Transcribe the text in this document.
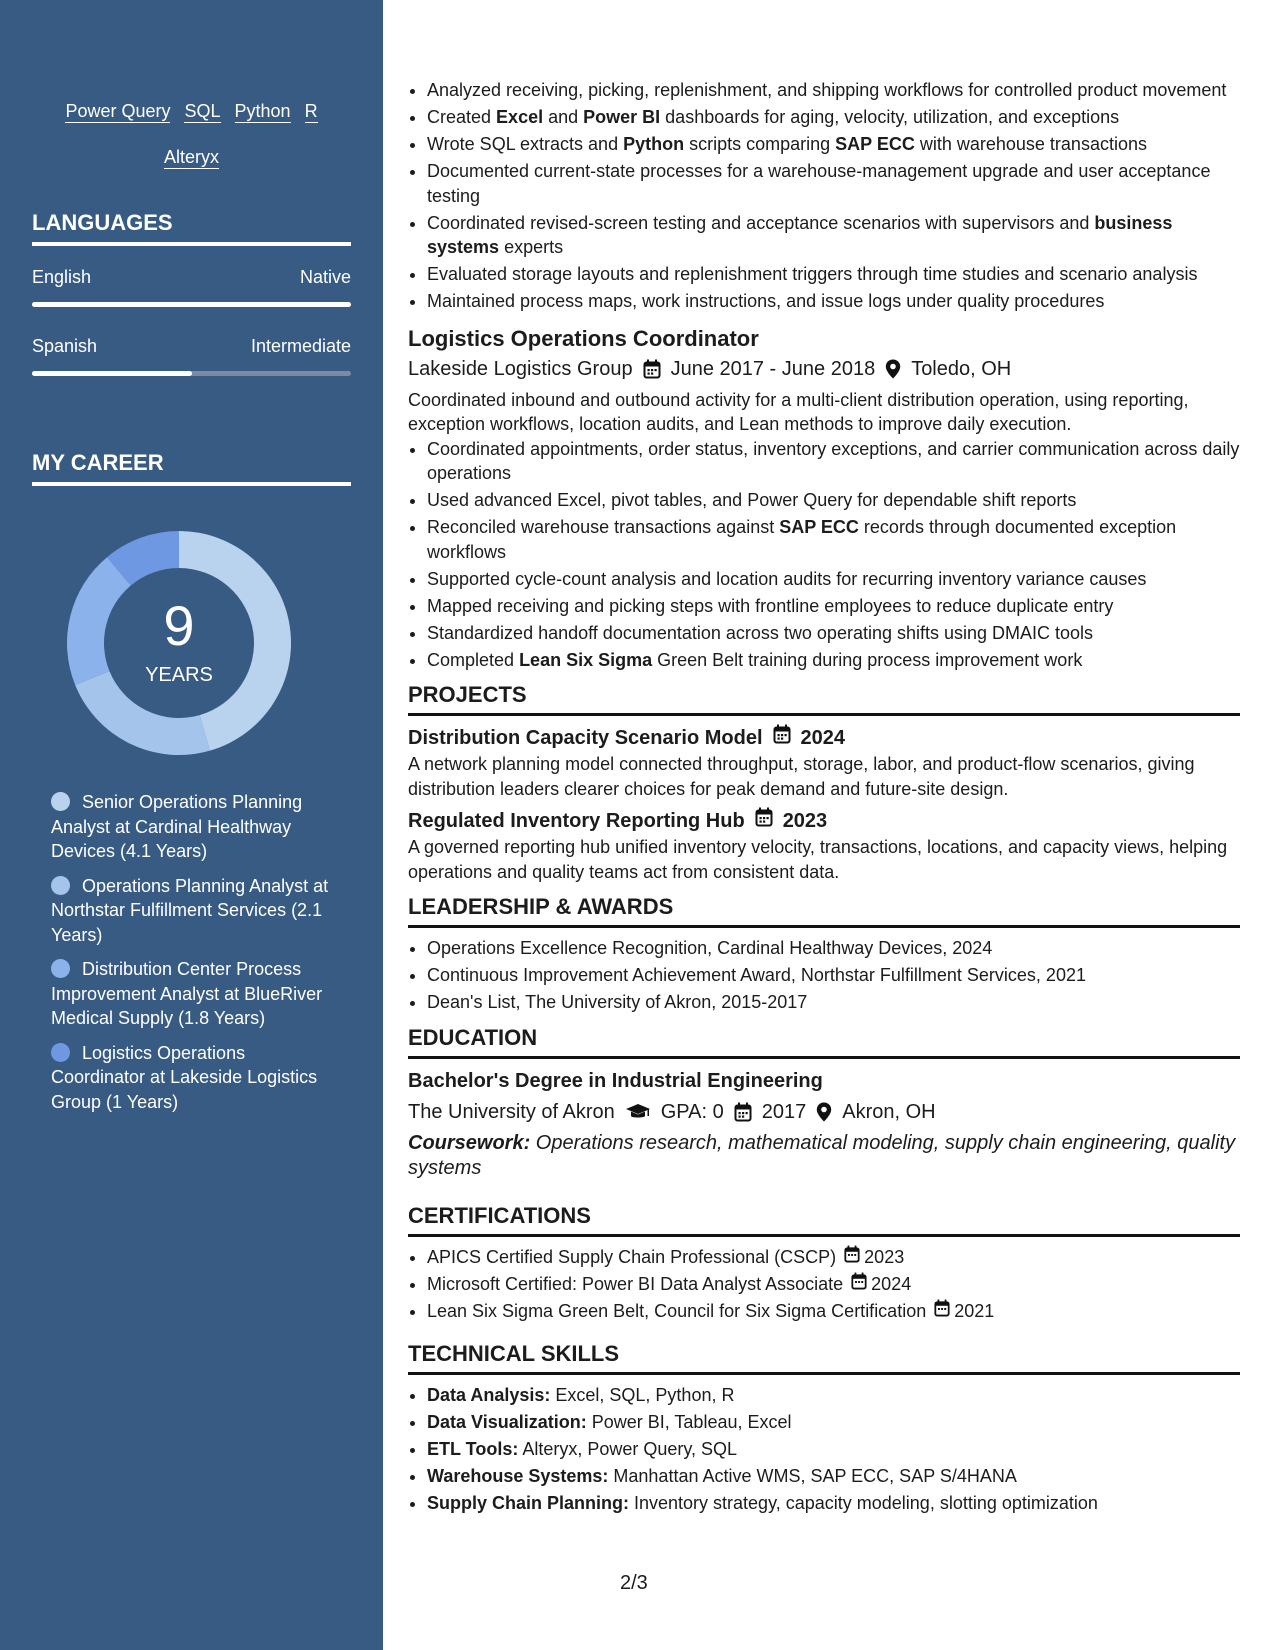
Power Query SQL Python R
Alteryx
LANGUAGES
English	Native
Spanish	Intermediate
MY CAREER
9
YEARS
Senior Operations Planning Analyst at Cardinal Healthway Devices (4.1 Years)
Operations Planning Analyst at Northstar Fulfillment Services (2.1 Years)
Distribution Center Process Improvement Analyst at BlueRiver Medical Supply (1.8 Years)
Logistics Operations Coordinator at Lakeside Logistics Group (1 Years)
• Analyzed receiving, picking, replenishment, and shipping workflows for controlled product movement
• Created Excel and Power BI dashboards for aging, velocity, utilization, and exceptions
• Wrote SQL extracts and Python scripts comparing SAP ECC with warehouse transactions
• Documented current-state processes for a warehouse-management upgrade and user acceptance testing
• Coordinated revised-screen testing and acceptance scenarios with supervisors and business systems experts
• Evaluated storage layouts and replenishment triggers through time studies and scenario analysis
• Maintained process maps, work instructions, and issue logs under quality procedures
Logistics Operations Coordinator
Lakeside Logistics Group June 2017 - June 2018 Toledo, OH
Coordinated inbound and outbound activity for a multi-client distribution operation, using reporting, exception workflows, location audits, and Lean methods to improve daily execution.
• Coordinated appointments, order status, inventory exceptions, and carrier communication across daily operations
• Used advanced Excel, pivot tables, and Power Query for dependable shift reports
• Reconciled warehouse transactions against SAP ECC records through documented exception workflows
• Supported cycle-count analysis and location audits for recurring inventory variance causes
• Mapped receiving and picking steps with frontline employees to reduce duplicate entry
• Standardized handoff documentation across two operating shifts using DMAIC tools
• Completed Lean Six Sigma Green Belt training during process improvement work
PROJECTS
Distribution Capacity Scenario Model 2024
A network planning model connected throughput, storage, labor, and product-flow scenarios, giving distribution leaders clearer choices for peak demand and future-site design.
Regulated Inventory Reporting Hub 2023
A governed reporting hub unified inventory velocity, transactions, locations, and capacity views, helping operations and quality teams act from consistent data.
LEADERSHIP & AWARDS
• Operations Excellence Recognition, Cardinal Healthway Devices, 2024
• Continuous Improvement Achievement Award, Northstar Fulfillment Services, 2021
• Dean's List, The University of Akron, 2015-2017
EDUCATION
Bachelor's Degree in Industrial Engineering
The University of Akron GPA: 0 2017 Akron, OH
Coursework: Operations research, mathematical modeling, supply chain engineering, quality systems
CERTIFICATIONS
• APICS Certified Supply Chain Professional (CSCP) 2023
• Microsoft Certified: Power BI Data Analyst Associate 2024
• Lean Six Sigma Green Belt, Council for Six Sigma Certification 2021
TECHNICAL SKILLS
• Data Analysis: Excel, SQL, Python, R
• Data Visualization: Power BI, Tableau, Excel
• ETL Tools: Alteryx, Power Query, SQL
• Warehouse Systems: Manhattan Active WMS, SAP ECC, SAP S/4HANA
• Supply Chain Planning: Inventory strategy, capacity modeling, slotting optimization
2/3
